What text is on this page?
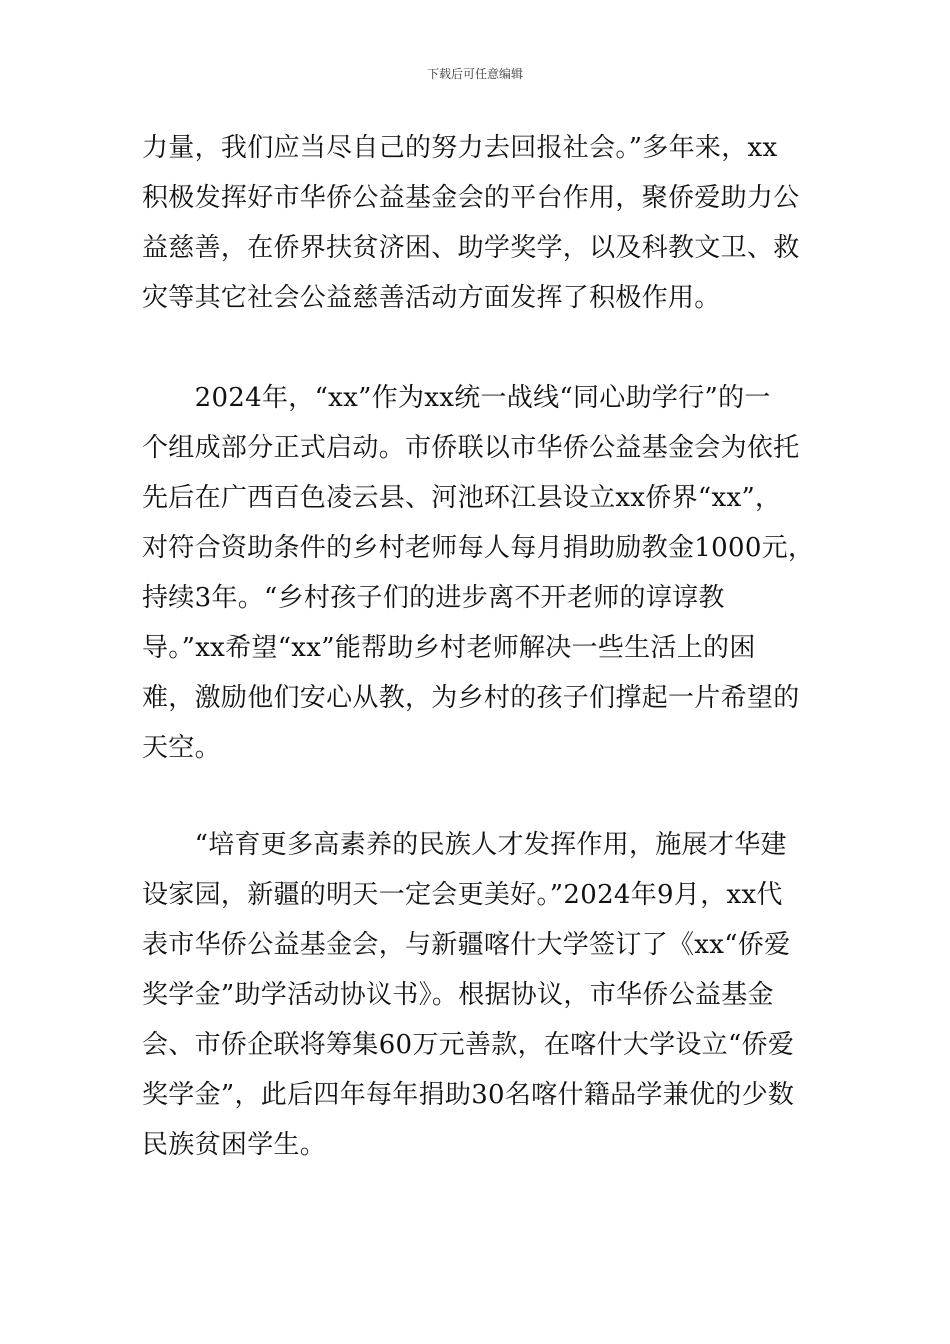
下载后可任意编辑
力量，我们应当尽自己的努力去回报社会。”多年来，xx
积极发挥好市华侨公益基金会的平台作用，聚侨爱助力公
益慈善，在侨界扶贫济困、助学奖学，以及科教文卫、救
灾等其它社会公益慈善活动方面发挥了积极作用。
　　2024年，“xx”作为xx统一战线“同心助学行”的一
个组成部分正式启动。市侨联以市华侨公益基金会为依托
先后在广西百色凌云县、河池环江县设立xx侨界“xx”，
对符合资助条件的乡村老师每人每月捐助励教金1000元，
持续3年。“乡村孩子们的进步离不开老师的谆谆教
导。”xx希望“xx”能帮助乡村老师解决一些生活上的困
难，激励他们安心从教，为乡村的孩子们撑起一片希望的
天空。
　　“培育更多高素养的民族人才发挥作用，施展才华建
设家园，新疆的明天一定会更美好。”2024年9月，xx代
表市华侨公益基金会，与新疆喀什大学签订了《xx“侨爱
奖学金”助学活动协议书》。根据协议，市华侨公益基金
会、市侨企联将筹集60万元善款，在喀什大学设立“侨爱
奖学金”，此后四年每年捐助30名喀什籍品学兼优的少数
民族贫困学生。
